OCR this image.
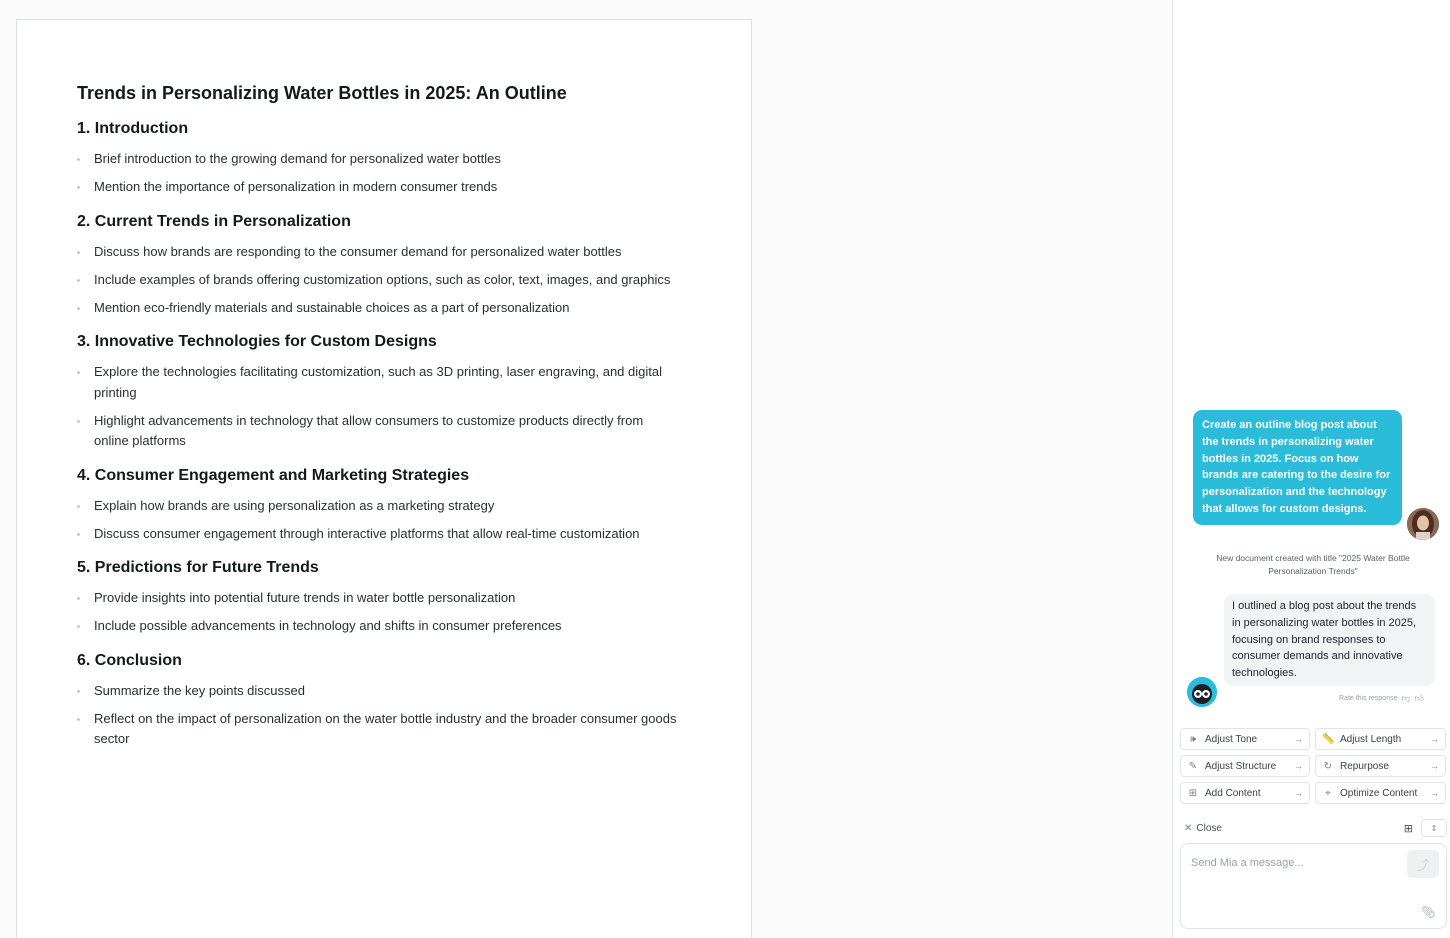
Trends in Personalizing Water Bottles in 2025: An Outline
1. Introduction
Brief introduction to the growing demand for personalized water bottles
Mention the importance of personalization in modern consumer trends
2. Current Trends in Personalization
Discuss how brands are responding to the consumer demand for personalized water bottles
Include examples of brands offering customization options, such as color, text, images, and graphics
Mention eco-friendly materials and sustainable choices as a part of personalization
3. Innovative Technologies for Custom Designs
Explore the technologies facilitating customization, such as 3D printing, laser engraving, and digital printing
Highlight advancements in technology that allow consumers to customize products directly from online platforms
4. Consumer Engagement and Marketing Strategies
Explain how brands are using personalization as a marketing strategy
Discuss consumer engagement through interactive platforms that allow real-time customization
5. Predictions for Future Trends
Provide insights into potential future trends in water bottle personalization
Include possible advancements in technology and shifts in consumer preferences
6. Conclusion
Summarize the key points discussed
Reflect on the impact of personalization on the water bottle industry and the broader consumer goods sector
Create an outline blog post about the trends in personalizing water bottles in 2025. Focus on how brands are catering to the desire for personalization and the technology that allows for custom designs.
New document created with title "2025 Water Bottle Personalization Trends"
I outlined a blog post about the trends in personalizing water bottles in 2025, focusing on brand responses to consumer demands and innovative technologies.
Rate this response 👎︎ 👍︎
🕪 Adjust Tone	→ 📏 Adjust Length	→
✎ Adjust Structure	→ ↻ Repurpose	→
⊞ Add Content	→	⌖ Optimize Content	→
✕ Close	⊞ ⇕
Send Mia a message...
⤴
📎︎
